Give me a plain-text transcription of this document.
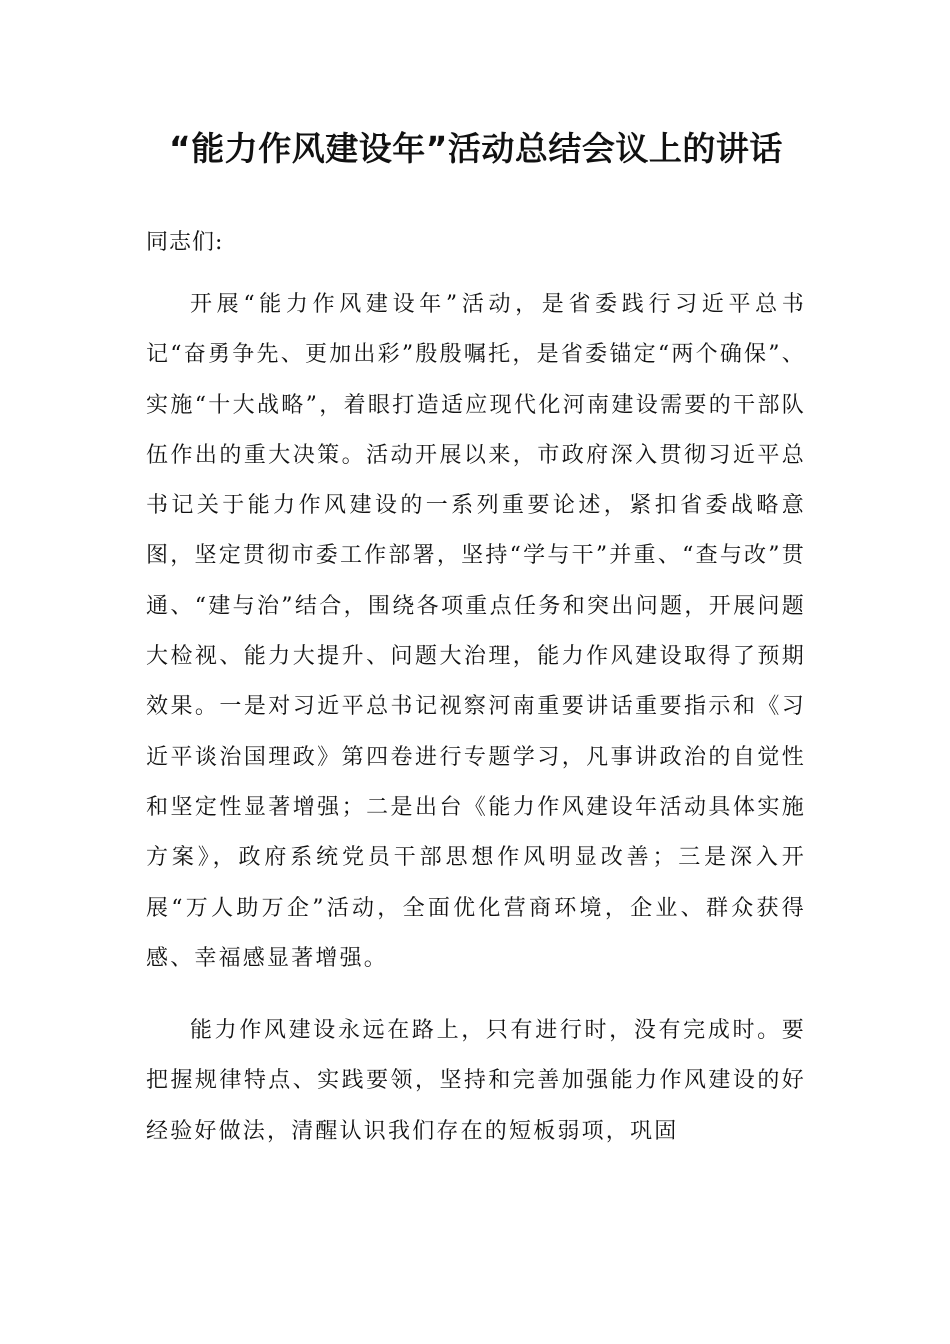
“能力作风建设年”活动总结会议上的讲话

同志们:

开展“能力作风建设年”活动，是省委践行习近平总书记“奋勇争先、更加出彩”殷殷嘱托，是省委锚定“两个确保”、实施“十大战略”，着眼打造适应现代化河南建设需要的干部队伍作出的重大决策。活动开展以来，市政府深入贯彻习近平总书记关于能力作风建设的一系列重要论述，紧扣省委战略意图，坚定贯彻市委工作部署，坚持“学与干”并重、“查与改”贯通、“建与治”结合，围绕各项重点任务和突出问题，开展问题大检视、能力大提升、问题大治理，能力作风建设取得了预期效果。一是对习近平总书记视察河南重要讲话重要指示和《习近平谈治国理政》第四卷进行专题学习，凡事讲政治的自觉性和坚定性显著增强；二是出台《能力作风建设年活动具体实施方案》，政府系统党员干部思想作风明显改善；三是深入开展“万人助万企”活动，全面优化营商环境，企业、群众获得感、幸福感显著增强。

能力作风建设永远在路上，只有进行时，没有完成时。要把握规律特点、实践要领，坚持和完善加强能力作风建设的好经验好做法，清醒认识我们存在的短板弱项，巩固
